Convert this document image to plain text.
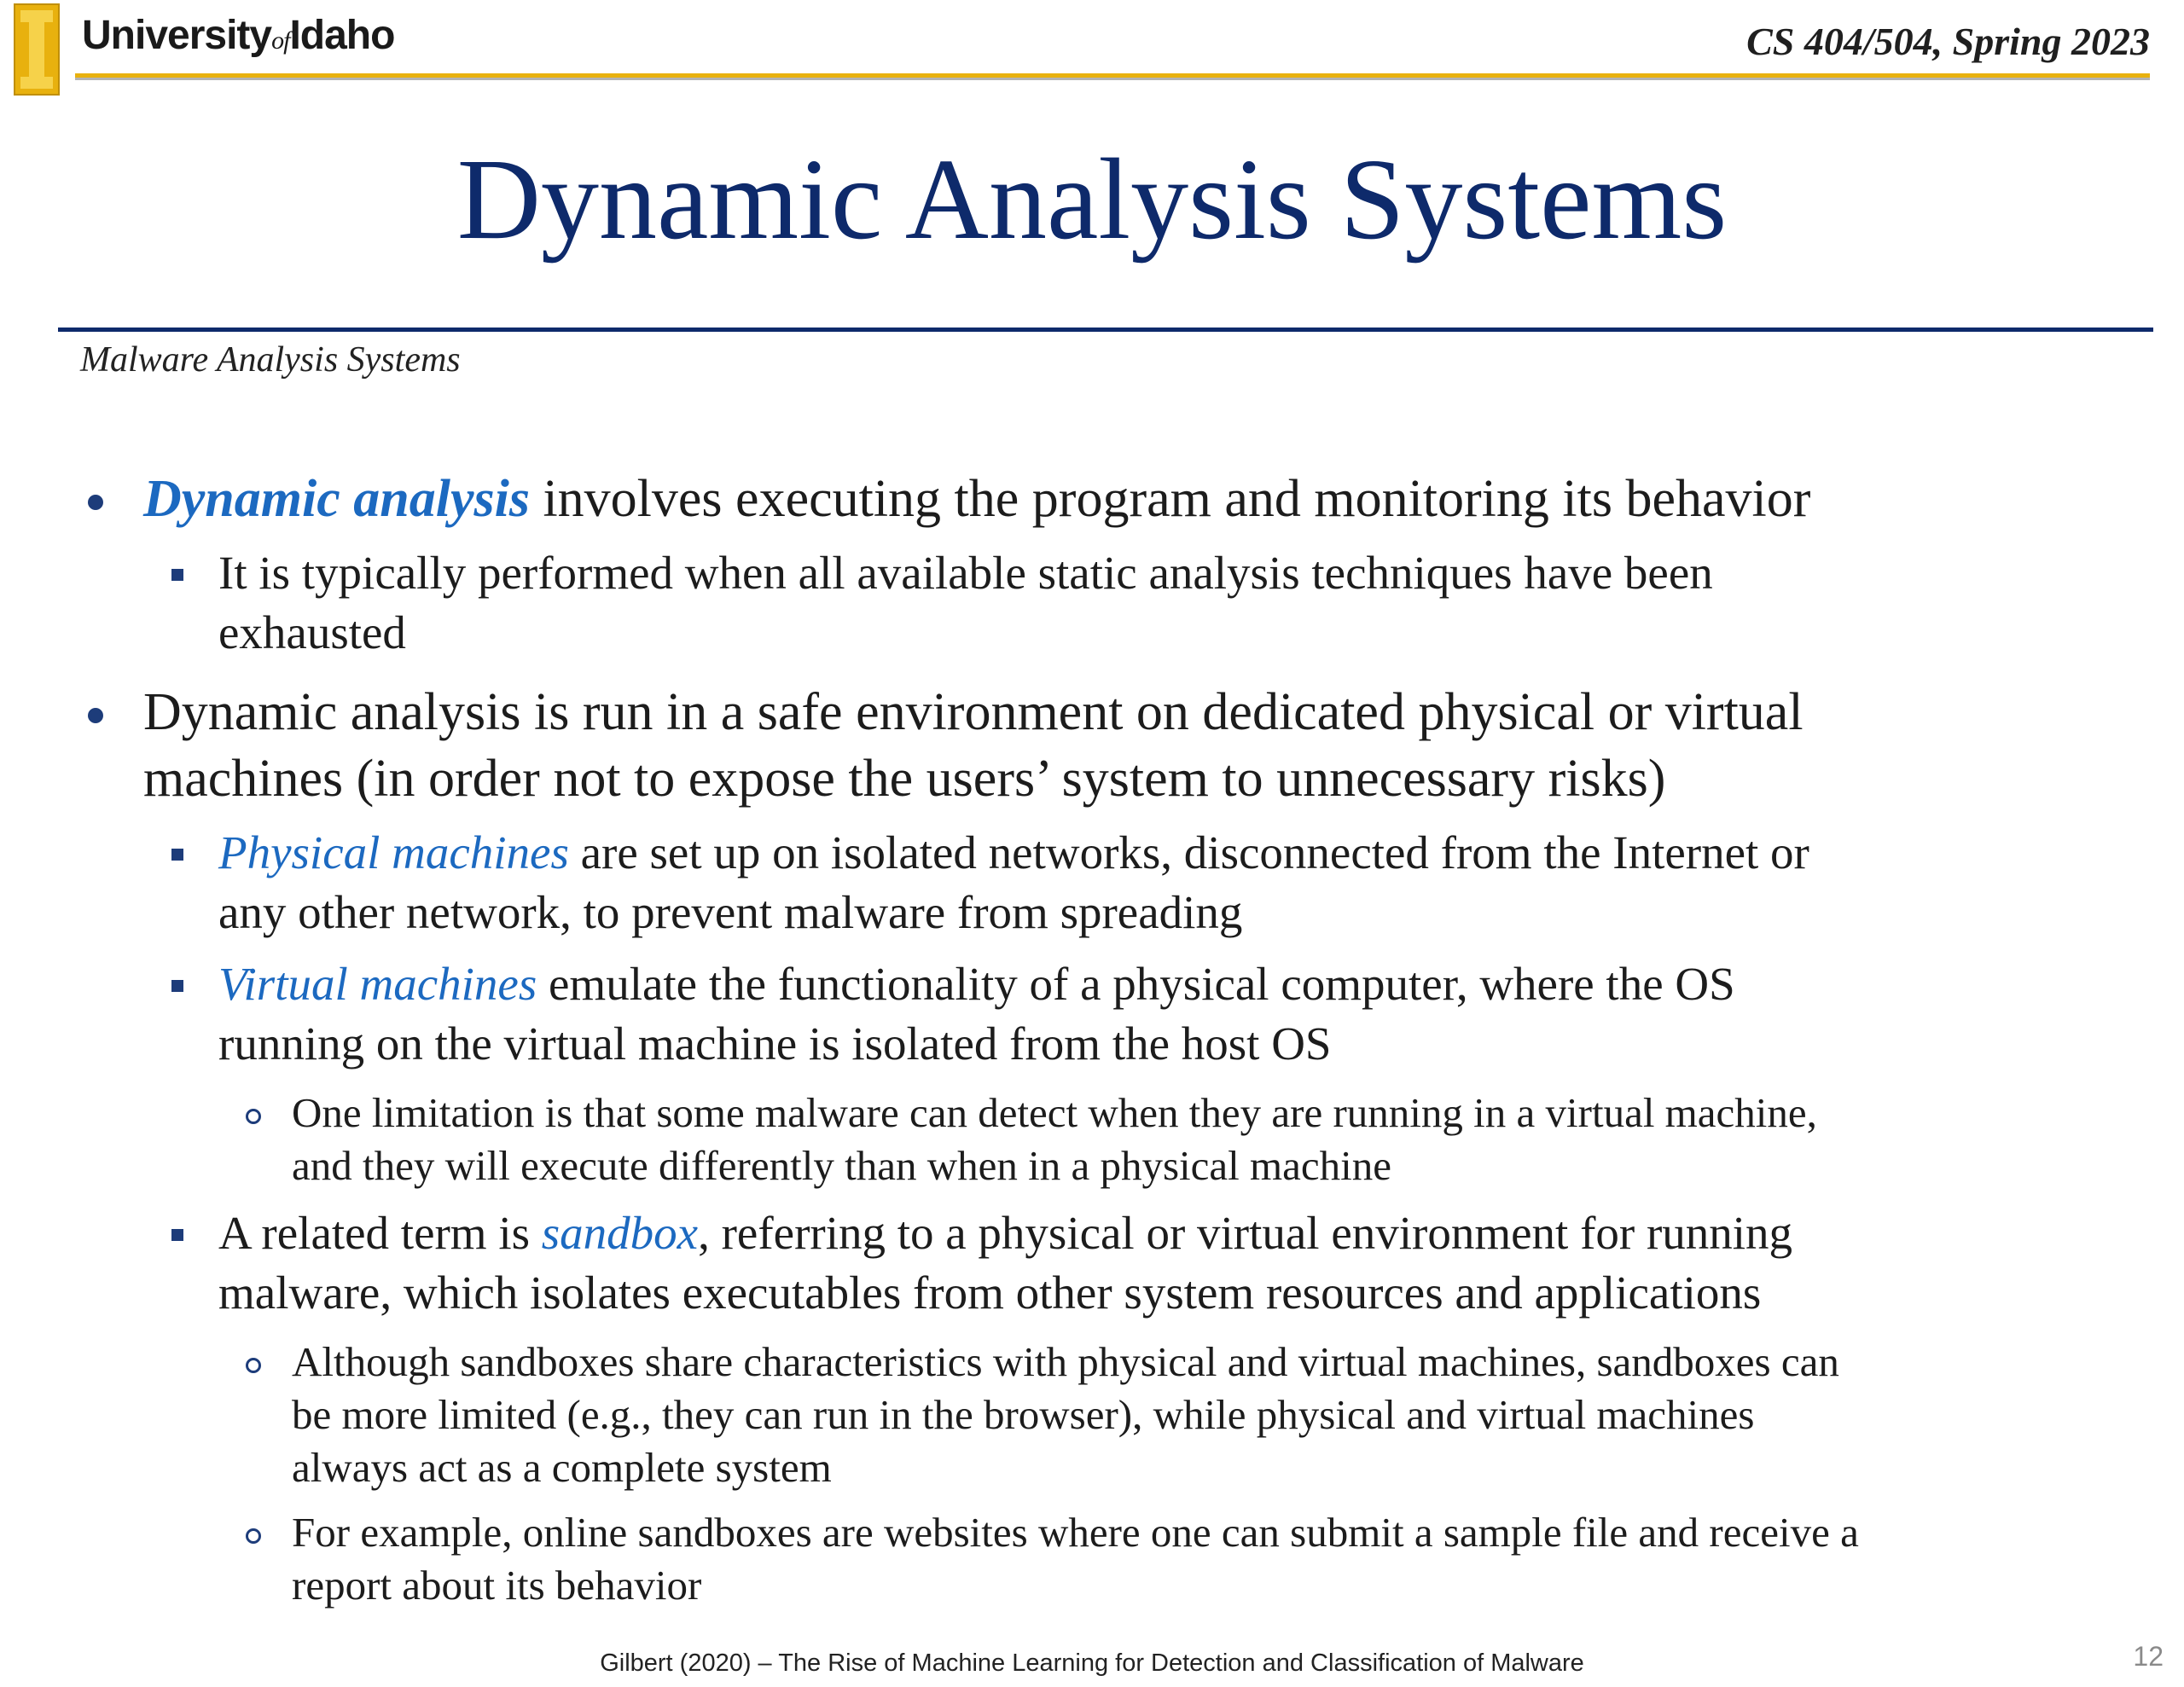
UniversityofIdaho	CS 404/504, Spring 2023
Dynamic Analysis Systems
Malware Analysis Systems
Dynamic analysis involves executing the program and monitoring its behavior
It is typically performed when all available static analysis techniques have been
exhausted
Dynamic analysis is run in a safe environment on dedicated physical or virtual
machines (in order not to expose the users’ system to unnecessary risks)
Physical machines are set up on isolated networks, disconnected from the Internet or
any other network, to prevent malware from spreading
Virtual machines emulate the functionality of a physical computer, where the OS
running on the virtual machine is isolated from the host OS
One limitation is that some malware can detect when they are running in a virtual machine,
and they will execute differently than when in a physical machine
A related term is sandbox, referring to a physical or virtual environment for running
malware, which isolates executables from other system resources and applications
Although sandboxes share characteristics with physical and virtual machines, sandboxes can
be more limited (e.g., they can run in the browser), while physical and virtual machines
always act as a complete system
For example, online sandboxes are websites where one can submit a sample file and receive a
report about its behavior
Gilbert (2020) – The Rise of Machine Learning for Detection and Classification of Malware	12
